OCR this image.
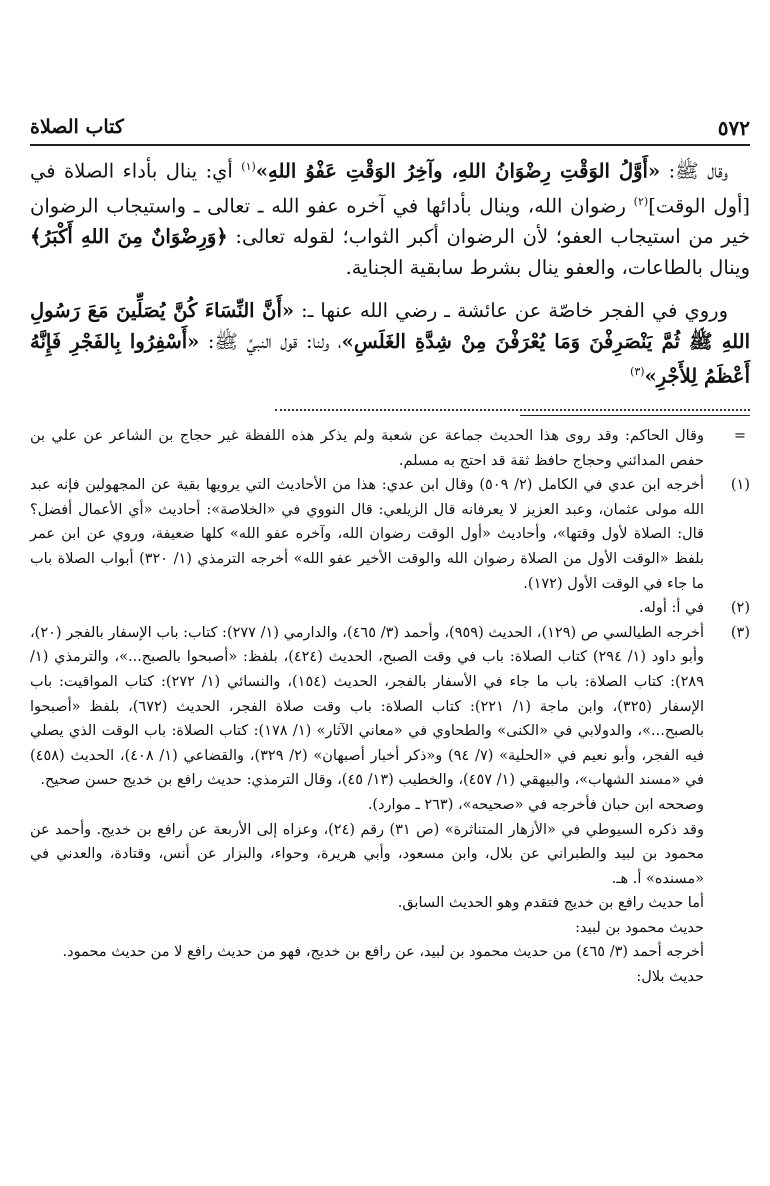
٥٧٢
كتاب الصلاة

وقال ﷺ: «أَوَّلُ الوَقْتِ رِضْوَانُ اللهِ، وآخِرُ الوَقْتِ عَفْوُ اللهِ»$^{(١)}$ أي: ينال بأداء الصلاة في [أول الوقت]$^{(٢)}$ رضوان الله، وينال بأدائها في آخره عفو الله ـ تعالى ـ واستيجاب الرضوان خير من استيجاب العفو؛ لأن الرضوان أكبر الثواب؛ لقوله تعالى: ﴿وَرِضْوَانٌ مِنَ اللهِ أَكْبَرُ﴾ وينال بالطاعات، والعفو ينال بشرط سابقية الجناية.

وروي في الفجر خاصّة عن عائشة ـ رضي الله عنها ـ: «أَنَّ النِّسَاءَ كُنَّ يُصَلِّينَ مَعَ رَسُولِ اللهِ ﷺ ثُمَّ يَنْصَرِفْنَ وَمَا يُعْرَفْنَ مِنْ شِدَّةِ الغَلَسِ»، ولنا: قول النبيِّ ﷺ: «أَسْفِرُوا بِالفَجْرِ فَإِنَّهُ أَعْظَمُ لِلأَجْرِ»$^{(٣)}$

=

وقال الحاكم: وقد روى هذا الحديث جماعة عن شعبة ولم يذكر هذه اللفظة غير حجاج بن الشاعر عن علي بن حفص المدائني وحجاج حافظ ثقة قد احتج به مسلم.

(١)

أخرجه ابن عدي في الكامل (٢/ ٥٠٩) وقال ابن عدي: هذا من الأحاديث التي يرويها بقية عن المجهولين فإنه عبد الله مولى عثمان، وعبد العزيز لا يعرفانه قال الزيلعي: قال النووي في «الخلاصة»: أحاديث «أي الأعمال أفضل؟ قال: الصلاة لأول وقتها»، وأحاديث «أول الوقت رضوان الله، وآخره عفو الله» كلها ضعيفة، وروي عن ابن عمر بلفظ «الوقت الأول من الصلاة رضوان الله والوقت الأخير عفو الله» أخرجه الترمذي (١/ ٣٢٠) أبواب الصلاة باب ما جاء في الوقت الأول (١٧٢).

(٢)

في أ: أوله.

(٣)

أخرجه الطيالسي ص (١٢٩)، الحديث (٩٥٩)، وأحمد (٣/ ٤٦٥)، والدارمي (١/ ٢٧٧): كتاب: باب الإسفار بالفجر (٢٠)، وأبو داود (١/ ٢٩٤) كتاب الصلاة: باب في وقت الصبح، الحديث (٤٢٤)، بلفظ: «أصبحوا بالصبح...»، والترمذي (١/ ٢٨٩): كتاب الصلاة: باب ما جاء في الأسفار بالفجر، الحديث (١٥٤)، والنسائي (١/ ٢٧٢): كتاب المواقيت: باب الإسفار (٣٢٥)، وابن ماجة (١/ ٢٢١): كتاب الصلاة: باب وقت صلاة الفجر، الحديث (٦٧٢)، بلفظ «أصبحوا بالصبح...»، والدولابي في «الكنى» والطحاوي في «معاني الآثار» (١/ ١٧٨): كتاب الصلاة: باب الوقت الذي يصلي فيه الفجر، وأبو نعيم في «الحلية» (٧/ ٩٤) و«ذكر أخبار أصبهان» (٢/ ٣٢٩)، والقضاعي (١/ ٤٠٨)، الحديث (٤٥٨) في «مسند الشهاب»، والبيهقي (١/ ٤٥٧)، والخطيب (١٣/ ٤٥)، وقال الترمذي: حديث رافع بن خديج حسن صحيح.

وصححه ابن حبان فأخرجه في «صحيحه»، (٢٦٣ ـ موارد).

وقد ذكره السيوطي في «الأزهار المتناثرة» (ص ٣١) رقم (٢٤)، وعزاه إلى الأربعة عن رافع بن خديج. وأحمد عن محمود بن لبيد والطبراني عن بلال، وابن مسعود، وأبي هريرة، وحواء، والبزار عن أنس، وقتادة، والعدني في «مسنده» أ. هـ.

أما حديث رافع بن خديج فتقدم وهو الحديث السابق.

حديث محمود بن لبيد:

أخرجه أحمد (٣/ ٤٦٥) من حديث محمود بن لبيد، عن رافع بن خديج، فهو من حديث رافع لا من حديث محمود.

حديث بلال:
